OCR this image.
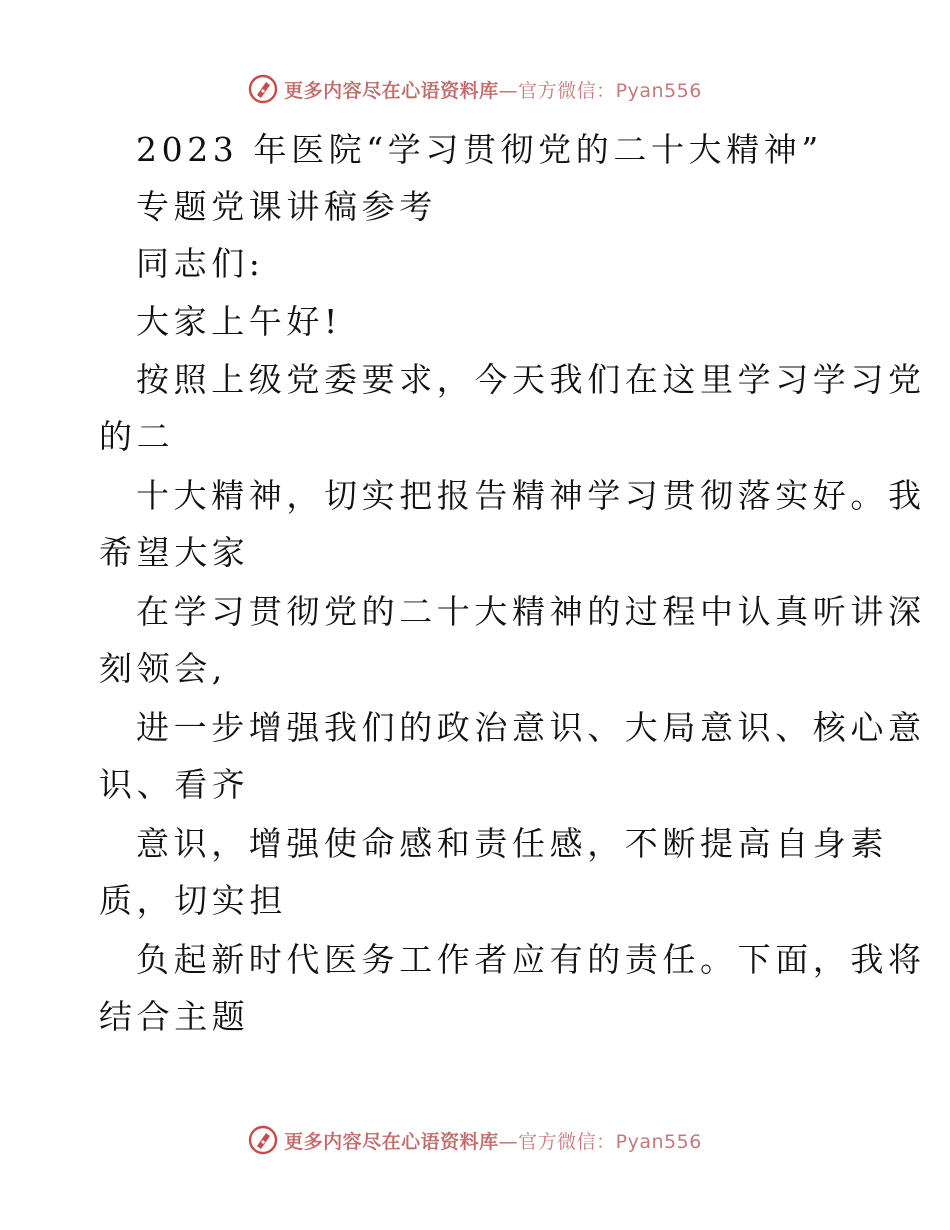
更多内容尽在心语资料库—官方微信：Pyan556
2023 年医院“学习贯彻党的二十大精神”
专题党课讲稿参考
同志们:
大家上午好!
按照上级党委要求，今天我们在这里学习学习党
的二
十大精神，切实把报告精神学习贯彻落实好。我
希望大家
在学习贯彻党的二十大精神的过程中认真听讲深
刻领会,
进一步增强我们的政治意识、大局意识、核心意
识、看齐
意识，增强使命感和责任感，不断提高自身素
质，切实担
负起新时代医务工作者应有的责任。下面，我将
结合主题
更多内容尽在心语资料库—官方微信：Pyan556
